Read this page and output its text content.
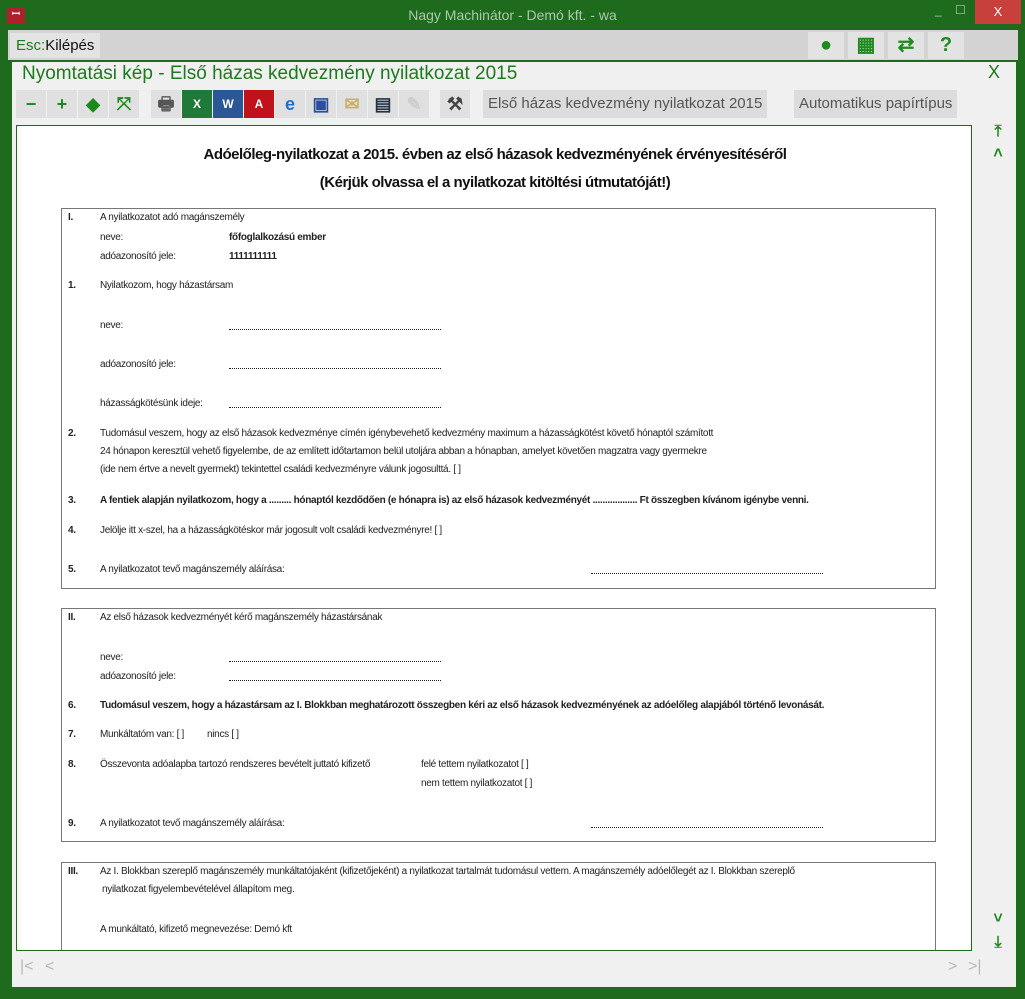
Nagy Machinátor - Demó kft. - wa
ꟷ	_ ☐	X
Esc:Kilépés	●	▦	⇄	?
Nyomtatási kép - Első házas kedvezmény nyilatkozat 2015	X
−	+	◆ ⤧	🖶	X	W	A	e ▣ ✉ ▤ ✎	⚒	Első házas kedvezmény nyilatkozat 2015	Automatikus papírtípus
Adóelőleg-nyilatkozat a 2015. évben az első házasok kedvezményének érvényesítéséről
(Kérjük olvassa el a nyilatkozat kitöltési útmutatóját!)
I.	A nyilatkozatot adó magánszemély
neve:	főfoglalkozású ember
adóazonosító jele:	1111111111
1. Nyilatkozom, hogy házastársam
neve:
adóazonosító jele:
házasságkötésünk ideje:
2. Tudomásul veszem, hogy az első házasok kedvezménye címén igénybevehető kedvezmény maximum a házasságkötést követő hónaptól számított
24 hónapon keresztül vehető figyelembe, de az említett időtartamon belül utoljára abban a hónapban, amelyet követően magzatra vagy gyermekre
(ide nem értve a nevelt gyermekt) tekintettel családi kedvezményre válunk jogosulttá. [ ]
3. A fentiek alapján nyilatkozom, hogy a ......... hónaptól kezdődően (e hónapra is) az első házasok kedvezményét .................. Ft összegben kívánom igénybe venni.
4. Jelölje itt x-szel, ha a házasságkötéskor már jogosult volt családi kedvezményre! [ ]
5. A nyilatkozatot tevő magánszemély aláírása:
II. Az első házasok kedvezményét kérő magánszemély házastársának
neve:
adóazonosító jele:
6. Tudomásul veszem, hogy a házastársam az I. Blokkban meghatározott összegben kéri az első házasok kedvezményének az adóelőleg alapjából történő levonását.
7. Munkáltatóm van: [ ] nincs [ ]
8. Összevonta adóalapba tartozó rendszeres bevételt juttató kifizető	felé tettem nyilatkozatot [ ]
nem tettem nyilatkozatot [ ]
9. A nyilatkozatot tevő magánszemély aláírása:
III. Az I. Blokkban szereplő magánszemély munkáltatójaként (kifizetőjeként) a nyilatkozat tartalmát tudomásul vettem. A magánszemély adóelőlegét az I. Blokkban szereplő
nyilatkozat figyelembevételével állapítom meg.
A munkáltató, kifizető megnevezése: Demó kft
⤒
˄
˅
⤓
|< <	> >|
